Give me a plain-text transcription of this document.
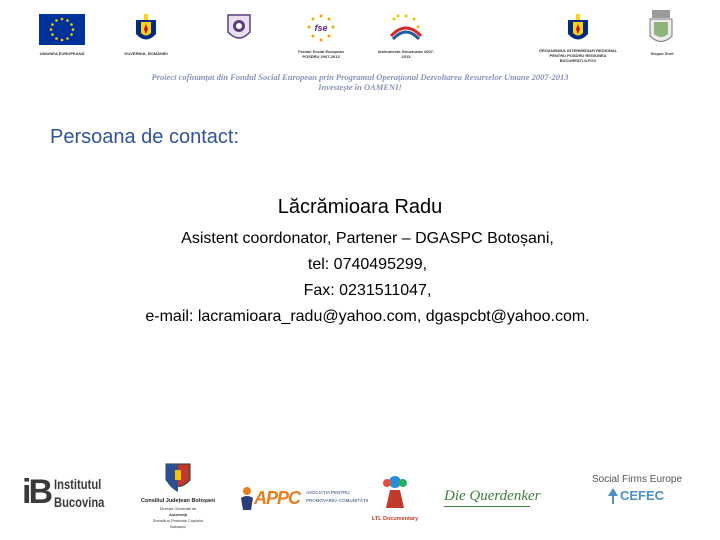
UNIUNEA EUROPEANĂ	GUVERNUL ROMÂNIEI
fse
Fondul Social European POSDRU 2007-2013
Instrumente Structurale 2007-2013
ORGANISMUL INTERMEDIAR REGIONAL PENTRU POSDRU REGIUNEA BUCUREȘTI-ILFOV
Grupul Siret
Proiect cofinanțat din Fondul Social European prin Programul Operațional Dezvoltarea Resurselor Umane 2007-2013
Investește în OAMENI!
Persoana de contact:
Lăcrămioara Radu
Asistent coordonator, Partener – DGASPC Botoșani,
tel: 0740495299,
Fax: 0231511047,
e-mail: lacramioara_radu@yahoo.com, dgaspcbt@yahoo.com.
iB Institutul
Bucovina	Consiliul Județean Botoșani
Direcția Generală de
Asistență
Socială și Protecția Copilului
Botoșani
APPC ASOCIAȚIA PENTRU
PROMOVAREA COMUNITĂȚII
LTL Documentary
Die Querdenker
Social Firms Europe
CEFEC
